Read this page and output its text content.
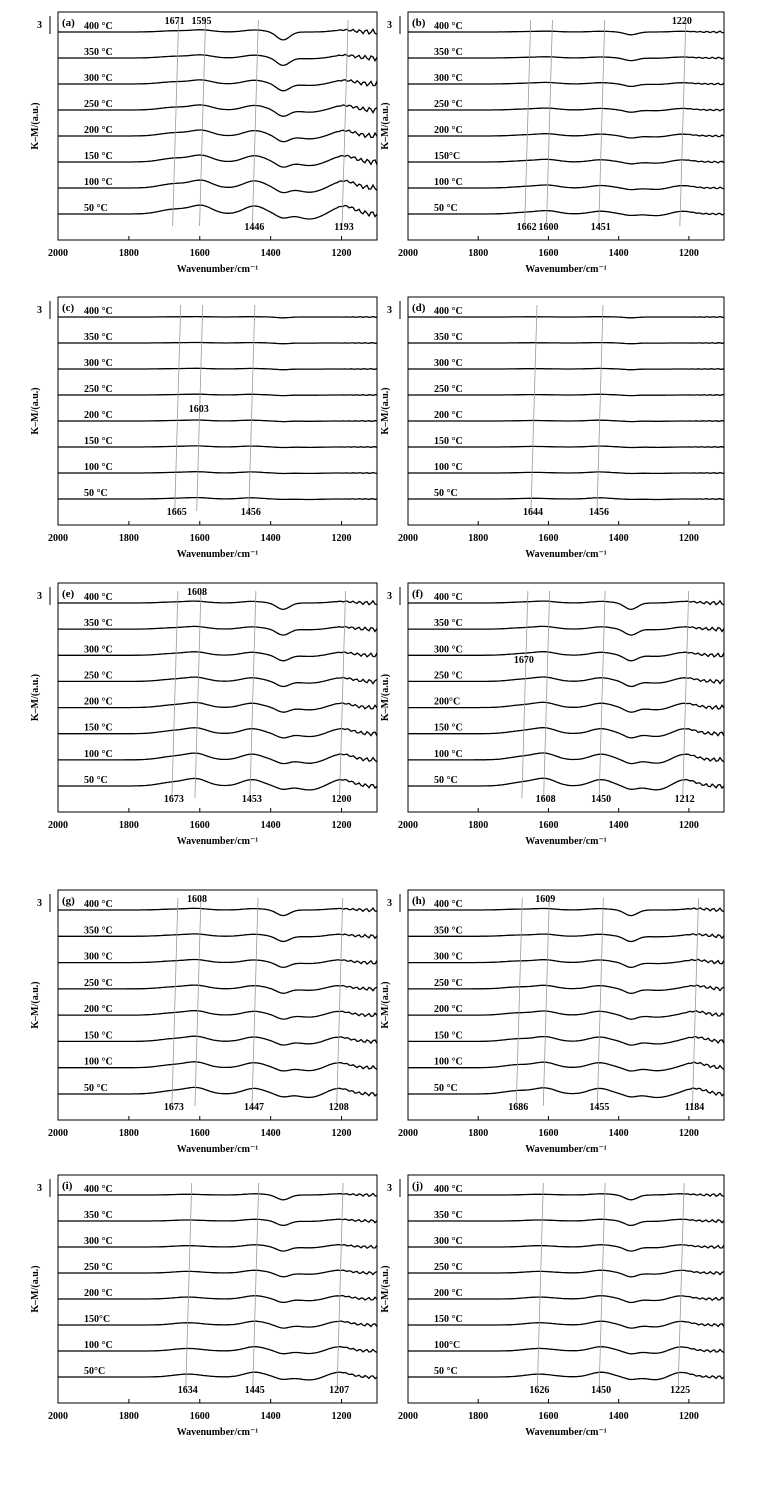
(a)
3
K–M/(a.u.)
2000	1800	1600	1400	1200
Wavenumber/cm⁻¹
400 °C
350 °C
300 °C
250 °C
200 °C
150 °C
100 °C
50 °C
1671 1595
1446	1193
(b)
3
K–M/(a.u.)
2000	1800	1600	1400	1200
Wavenumber/cm⁻¹
400 °C
350 °C
300 °C
250 °C
200 °C
150°C
100 °C
50 °C
1662 1600	1451
1220
(c)
3
K–M/(a.u.)
2000	1800	1600	1400	1200
Wavenumber/cm⁻¹
400 °C
350 °C
300 °C
250 °C
200 °C
150 °C
100 °C
50 °C
1665
1603
1456
(d)
3
K–M/(a.u.)
2000	1800	1600	1400	1200
Wavenumber/cm⁻¹
400 °C
350 °C
300 °C
250 °C
200 °C
150 °C
100 °C
50 °C
1644	1456
(e)
3
K–M/(a.u.)
2000	1800	1600	1400	1200
Wavenumber/cm⁻¹
400 °C
350 °C
300 °C
250 °C
200 °C
150 °C
100 °C
50 °C
1673
1608
1453	1200
(f)
3
K–M/(a.u.)
2000	1800	1600	1400	1200
Wavenumber/cm⁻¹
400 °C
350 °C
300 °C
250 °C
200°C
150 °C
100 °C
50 °C
1670
1608	1450	1212
(g)
3
K–M/(a.u.)
2000	1800	1600	1400	1200
Wavenumber/cm⁻¹
400 °C
350 °C
300 °C
250 °C
200 °C
150 °C
100 °C
50 °C
1673
1608
1447	1208
(h)
3
K–M/(a.u.)
2000	1800	1600	1400	1200
Wavenumber/cm⁻¹
400 °C
350 °C
300 °C
250 °C
200 °C
150 °C
100 °C
50 °C
1686
1609
1455	1184
(i)
3
K–M/(a.u.)
2000	1800	1600	1400	1200
Wavenumber/cm⁻¹
400 °C
350 °C
300 °C
250 °C
200 °C
150°C
100 °C
50°C
1634	1445	1207
(j)
3
K–M/(a.u.)
2000	1800	1600	1400	1200
Wavenumber/cm⁻¹
400 °C
350 °C
300 °C
250 °C
200 °C
150 °C
100°C
50 °C
1626	1450	1225
